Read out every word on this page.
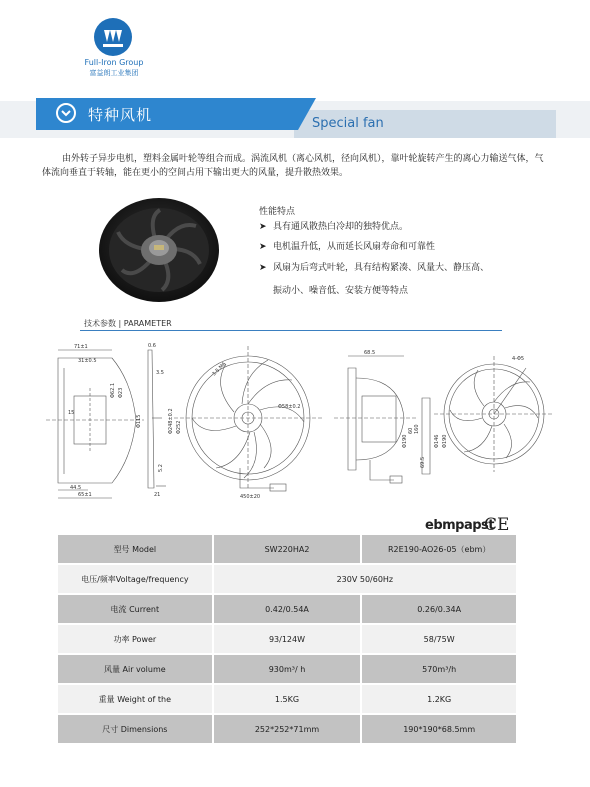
Full-Iron Group
富益朗工业集团
特种风机	Special fan
由外转子异步电机，塑料金属叶轮等组合而成。涡流风机（离心风机，径向风机），靠叶轮旋转产生的离心力输送气体，气体流向垂直于转轴，能在更小的空间占用下输出更大的风量，提升散热效果。
性能特点
➤ 具有通风散热白冷却的独特优点。
➤ 电机温升低，从而延长风扇寿命和可靠性
➤ 风扇为后弯式叶轮，具有结构紧凑、风量大、静压高、
振动小、噪音低、安装方便等特点
技术参数 | PARAMETER
71±1
31±0.5
15
44.5
65±1
Φ62.1 Φ23
Φ115
0.6
3.5
21
5.2
Φ248±0.2 Φ252
3.5 M6
Φ58±0.2
450±20
68.5
Φ190
60 160
69.5
Φ146 Φ190
4-Φ5
ebmpapst
CE
型号 Model	SW220HA2	R2E190-AO26-05（ebm）
电压/频率Voltage/frequency	230V 50/60Hz	
电流 Current	0.42/0.54A	0.26/0.34A
功率 Power	93/124W	58/75W
风量 Air volume	930m³/ h	570m³/h
重量 Weight of the	1.5KG	1.2KG
尺寸 Dimensions	252*252*71mm	190*190*68.5mm
